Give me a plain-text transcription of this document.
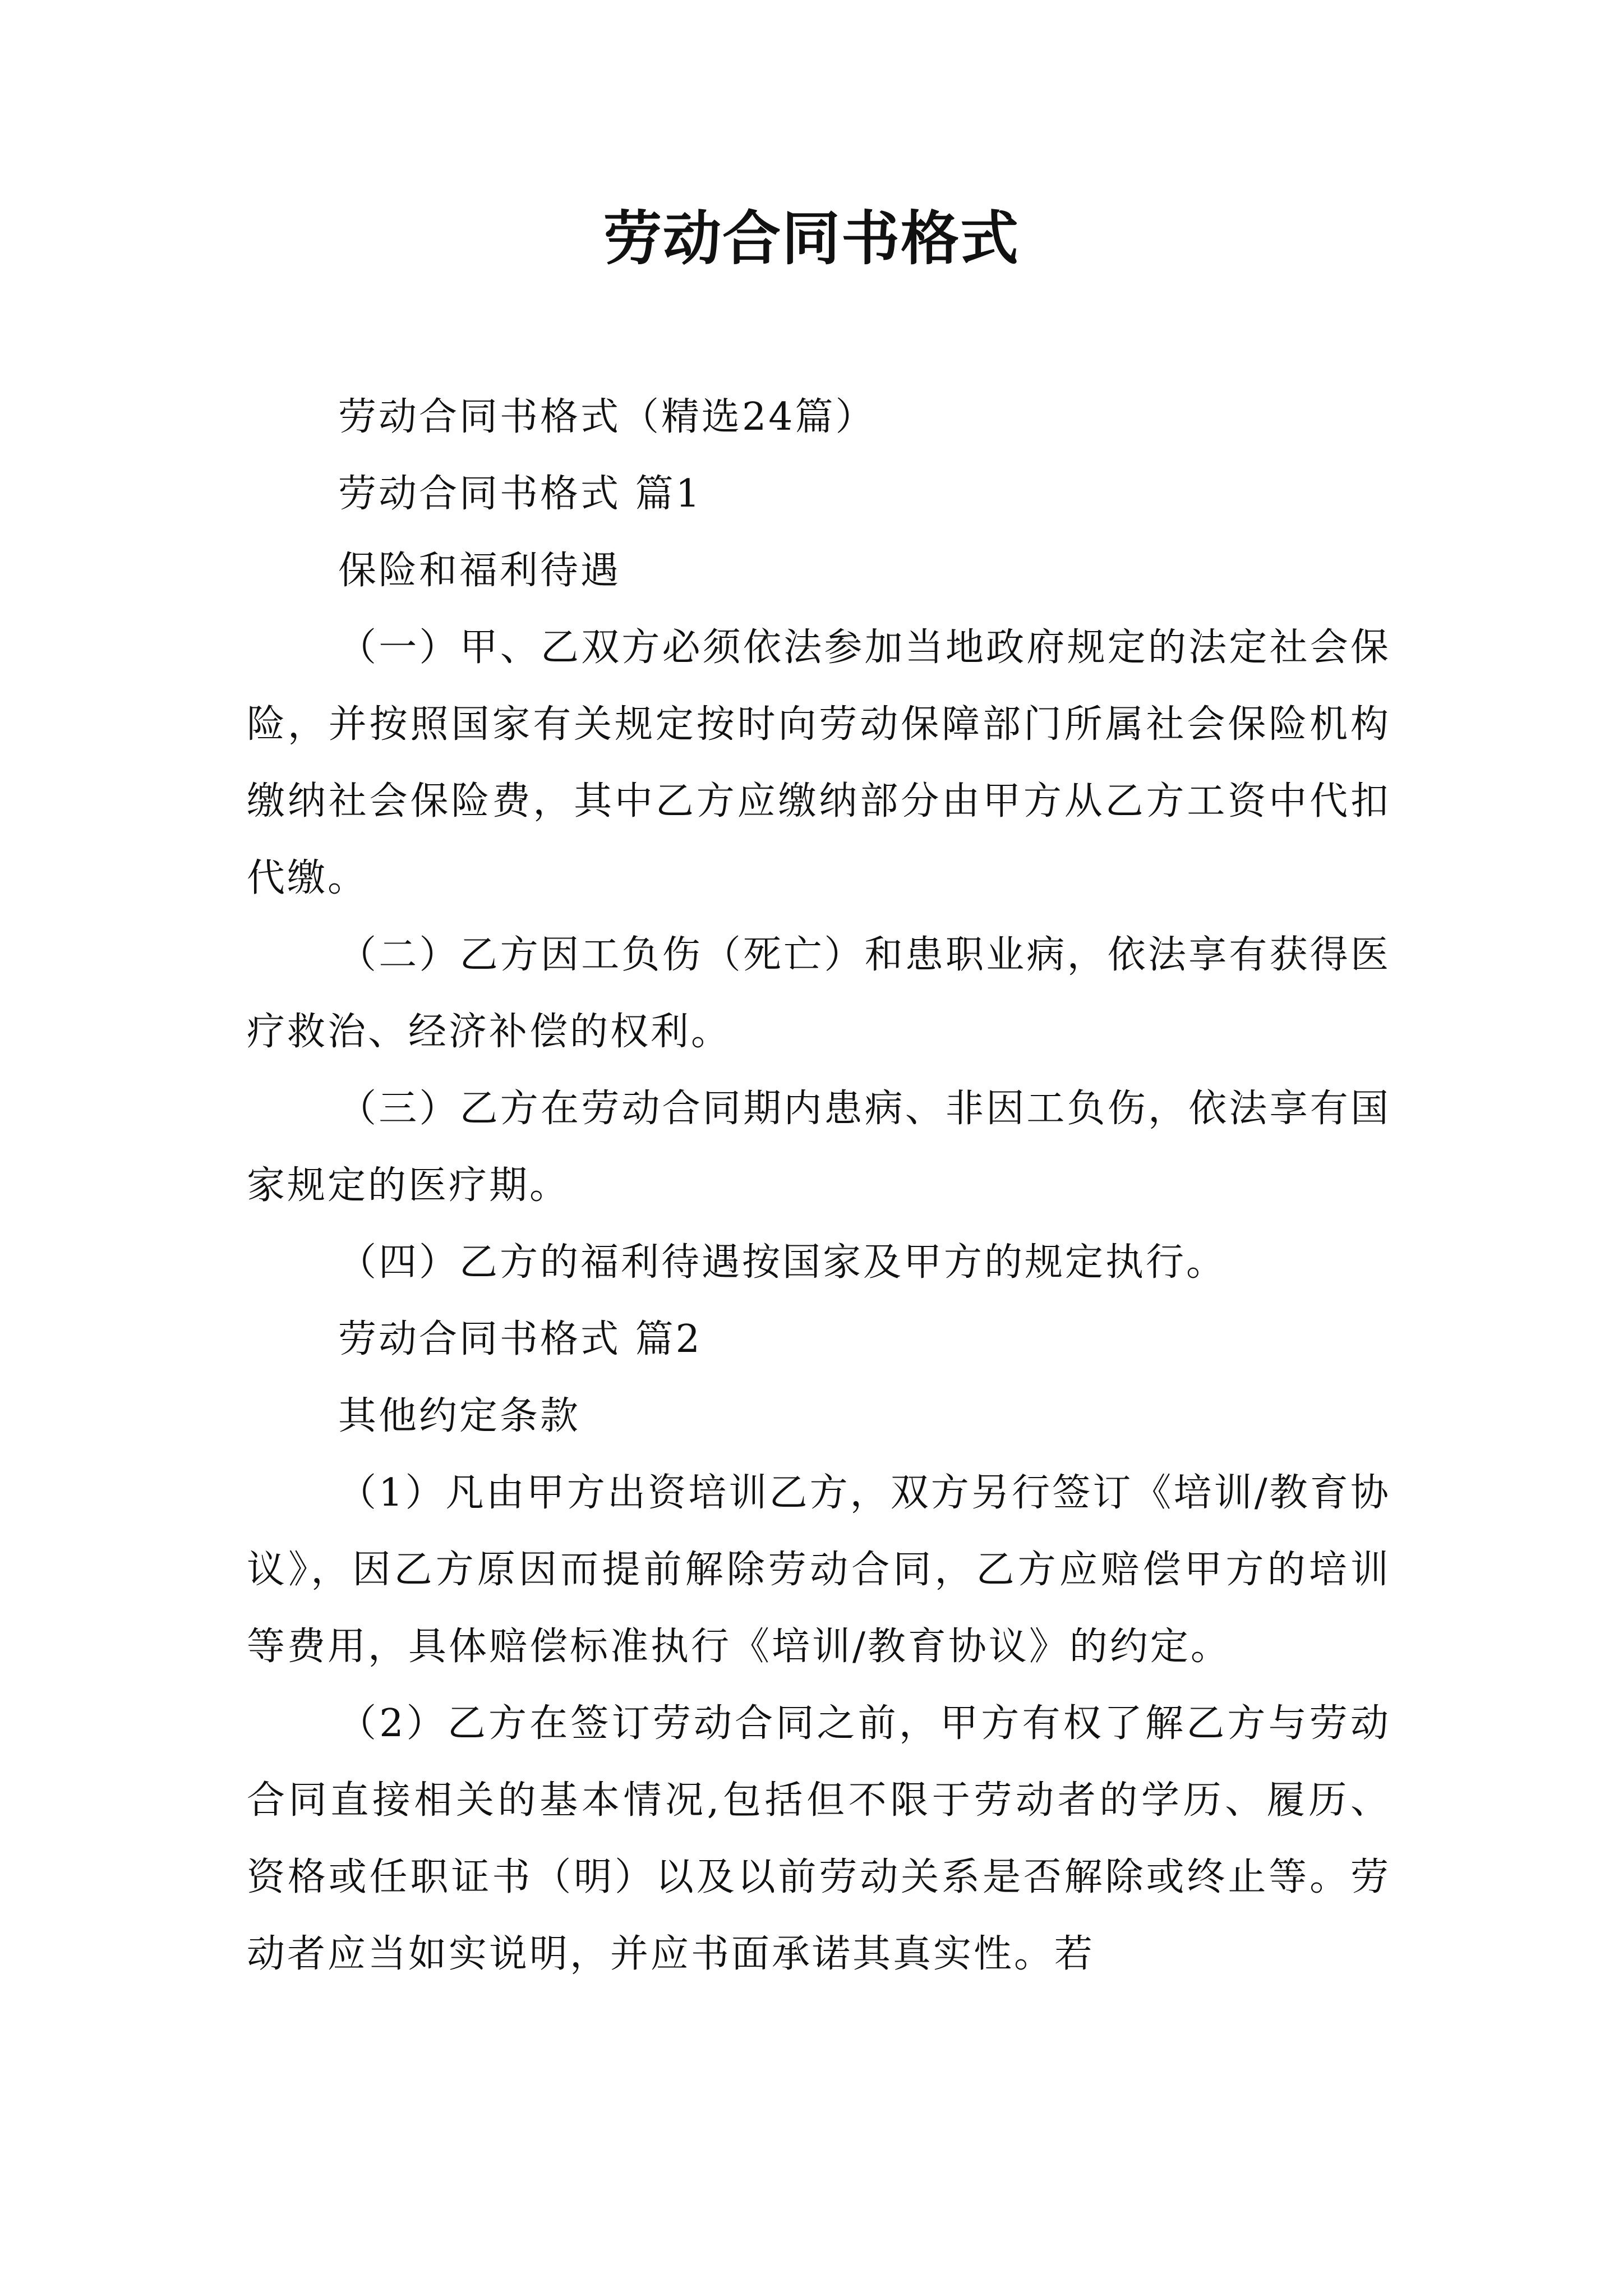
劳动合同书格式

劳动合同书格式（精选24篇）

劳动合同书格式 篇1

保险和福利待遇

（一）甲、乙双方必须依法参加当地政府规定的法定社会保险，并按照国家有关规定按时向劳动保障部门所属社会保险机构缴纳社会保险费，其中乙方应缴纳部分由甲方从乙方工资中代扣代缴。

（二）乙方因工负伤（死亡）和患职业病，依法享有获得医疗救治、经济补偿的权利。

（三）乙方在劳动合同期内患病、非因工负伤，依法享有国家规定的医疗期。

（四）乙方的福利待遇按国家及甲方的规定执行。

劳动合同书格式 篇2

其他约定条款

（1）凡由甲方出资培训乙方，双方另行签订《培训/教育协议》，因乙方原因而提前解除劳动合同，乙方应赔偿甲方的培训等费用，具体赔偿标准执行《培训/教育协议》的约定。

（2）乙方在签订劳动合同之前，甲方有权了解乙方与劳动合同直接相关的基本情况,包括但不限于劳动者的学历、履历、资格或任职证书（明）以及以前劳动关系是否解除或终止等。劳动者应当如实说明，并应书面承诺其真实性。若
